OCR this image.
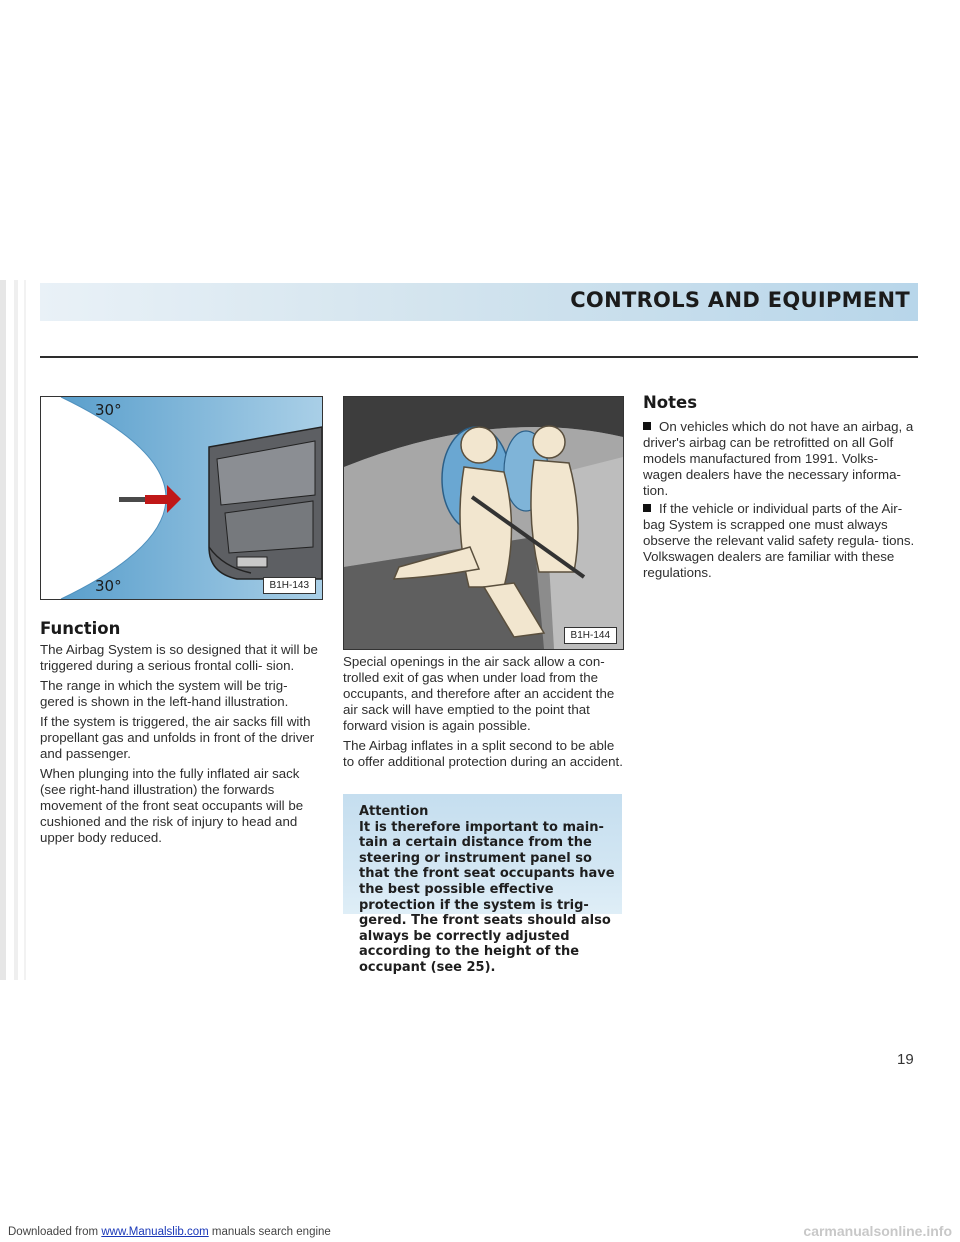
CONTROLS AND EQUIPMENT
30°
30°	B1H-143
B1H-144
Function

The Airbag System is so designed that it will be triggered during a serious frontal colli- sion.

The range in which the system will be trig- gered is shown in the left-hand illustration.

If the system is triggered, the air sacks fill with propellant gas and unfolds in front of the driver and passenger.

When plunging into the fully inflated air sack (see right-hand illustration) the forwards movement of the front seat occupants will be cushioned and the risk of injury to head and upper body reduced.

Special openings in the air sack allow a con- trolled exit of gas when under load from the occupants, and therefore after an accident the air sack will have emptied to the point that forward vision is again possible.

The Airbag inflates in a split second to be able to offer additional protection during an accident.

Attention
It is therefore important to main- tain a certain distance from the steering or instrument panel so that the front seat occupants have the best possible effective protection if the system is trig- gered. The front seats should also always be correctly adjusted according to the height of the occupant (see 25).
Notes

On vehicles which do not have an airbag, a driver's airbag can be retrofitted on all Golf models manufactured from 1991. Volks- wagen dealers have the necessary informa- tion.

If the vehicle or individual parts of the Air- bag System is scrapped one must always observe the relevant valid safety regula- tions. Volkswagen dealers are familiar with these regulations.

19
Downloaded from www.Manualslib.com manuals search engine	carmanualsonline.info
